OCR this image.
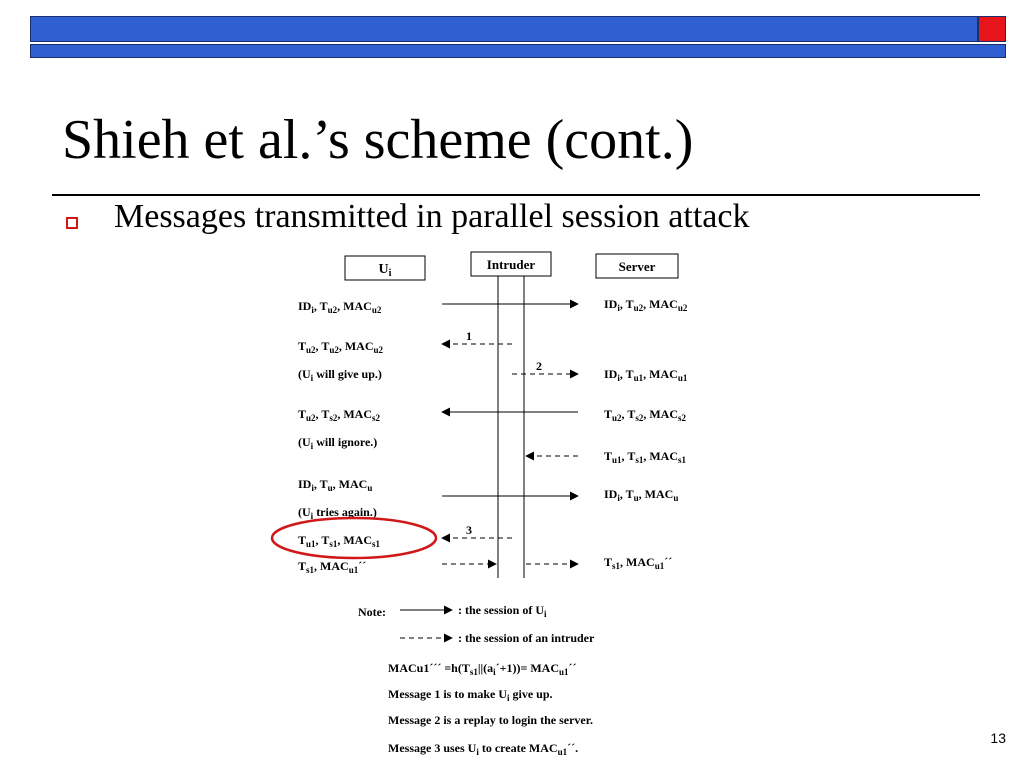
Shieh et al.’s scheme (cont.)
Messages transmitted in parallel session attack
$U_i$
Intruder	Server
$ID_i$, $T_{u2}$, $MAC_{u2}$	$ID_i$, $T_{u2}$, $MAC_{u2}$
$T_{u2}$, $T_{u2}$, $MAC_{u2}$
1
($U_i$ will give up.)
2
$ID_i$, $T_{u1}$, $MAC_{u1}$
$T_{u2}$, $T_{s2}$, $MAC_{s2}$	$T_{u2}$, $T_{s2}$, $MAC_{s2}$
($U_i$ will ignore.)
$T_{u1}$, $T_{s1}$, $MAC_{s1}$
$ID_i$, $T_u$, $MAC_u$	$ID_i$, $T_u$, $MAC_u$
($U_i$ tries again.)
$T_{u1}$, $T_{s1}$, $MAC_{s1}$
3
$T_{s1}$, $MAC_{u1}´´$	$T_{s1}$, $MAC_{u1}´´$
Note:	: the session of $U_i$
: the session of an intruder
MACu1´´´ $=h(T_{s1}||(a_i´+1))=$ $MAC_{u1}´´$
Message 1 is to make $U_i$ give up.
Message 2 is a replay to login the server.
Message 3 uses $U_i$ to create $MAC_{u1}´´$.
13
